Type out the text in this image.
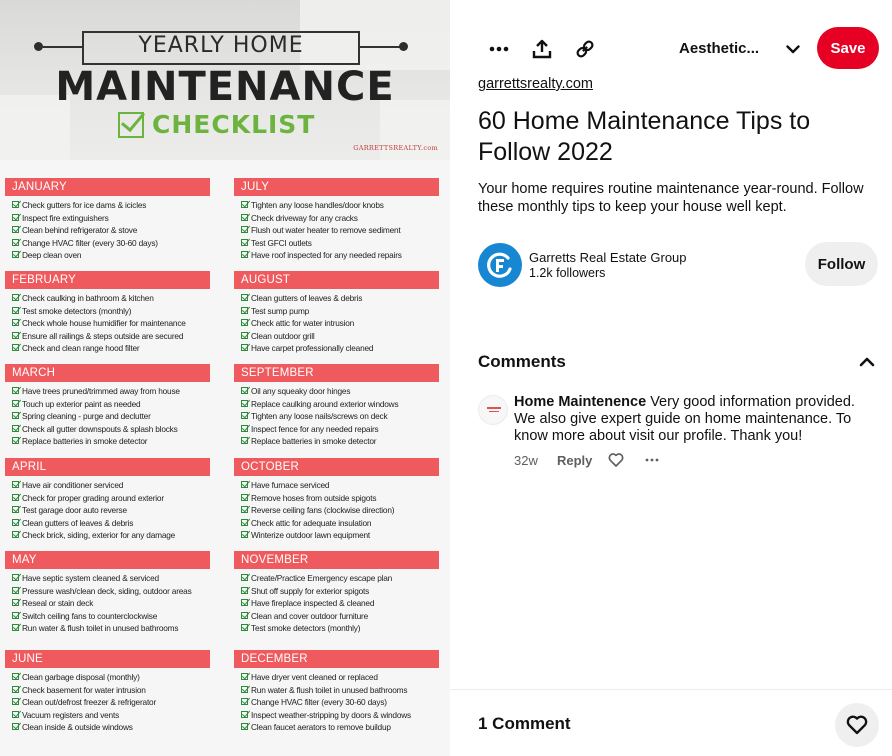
YEARLY HOME
MAINTENANCE
CHECKLIST
GARRETTSREALTY.com
JANUARY
Check gutters for ice dams & icicles
Inspect fire extinguishers
Clean behind refrigerator & stove
Change HVAC filter (every 30-60 days)
Deep clean oven
JULY
Tighten any loose handles/door knobs
Check driveway for any cracks
Flush out water heater to remove sediment
Test GFCI outlets
Have roof inspected for any needed repairs
FEBRUARY
Check caulking in bathroom & kitchen
Test smoke detectors (monthly)
Check whole house humidifier for maintenance
Ensure all railings & steps outside are secured
Check and clean range hood filter
AUGUST
Clean gutters of leaves & debris
Test sump pump
Check attic for water intrusion
Clean outdoor grill
Have carpet professionally cleaned
MARCH
Have trees pruned/trimmed away from house
Touch up exterior paint as needed
Spring cleaning - purge and declutter
Check all gutter downspouts & splash blocks
Replace batteries in smoke detector
SEPTEMBER
Oil any squeaky door hinges
Replace caulking around exterior windows
Tighten any loose nails/screws on deck
Inspect fence for any needed repairs
Replace batteries in smoke detector
APRIL
Have air conditioner serviced
Check for proper grading around exterior
Test garage door auto reverse
Clean gutters of leaves & debris
Check brick, siding, exterior for any damage
OCTOBER
Have furnace serviced
Remove hoses from outside spigots
Reverse ceiling fans (clockwise direction)
Check attic for adequate insulation
Winterize outdoor lawn equipment
MAY
Have septic system cleaned & serviced
Pressure wash/clean deck, siding, outdoor areas
Reseal or stain deck
Switch ceiling fans to counterclockwise
Run water & flush toilet in unused bathrooms
NOVEMBER
Create/Practice Emergency escape plan
Shut off supply for exterior spigots
Have fireplace inspected & cleaned
Clean and cover outdoor furniture
Test smoke detectors (monthly)
JUNE
Clean garbage disposal (monthly)
Check basement for water intrusion
Clean out/defrost freezer & refrigerator
Vacuum registers and vents
Clean inside & outside windows
DECEMBER
Have dryer vent cleaned or replaced
Run water & flush toilet in unused bathrooms
Change HVAC filter (every 30-60 days)
Inspect weather-stripping by doors & windows
Clean faucet aerators to remove buildup
Aesthetic...	Save
garrettsrealty.com
60 Home Maintenance Tips to Follow 2022

Your home requires routine maintenance year-round. Follow these monthly tips to keep your house well kept.

Garretts Real Estate Group
1.2k followers
Follow
Comments
Home Maintenence Very good information provided. We also give expert guide on home maintenance. To know more about visit our profile. Thank you!
32w Reply
1 Comment
